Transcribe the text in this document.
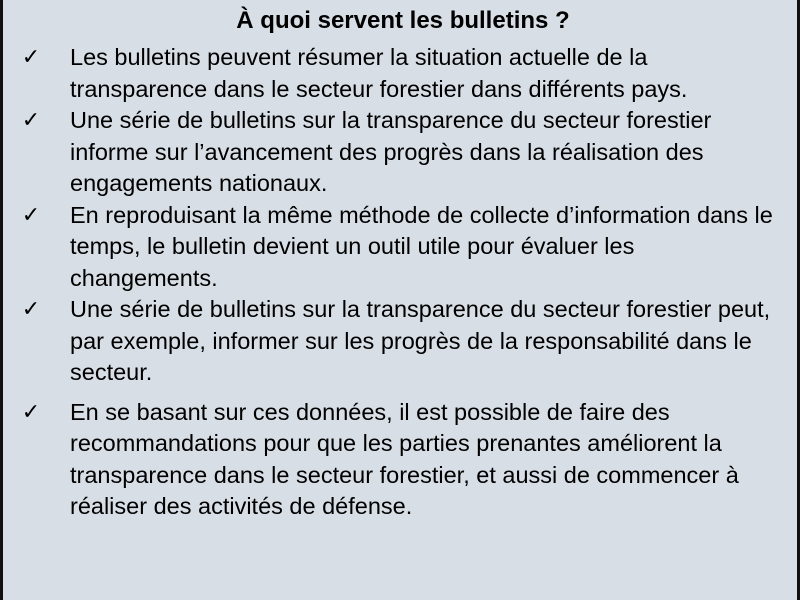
À quoi servent les bulletins ?
✓ Les bulletins peuvent résumer la situation actuelle de la transparence dans le secteur forestier dans différents pays.
✓ Une série de bulletins sur la transparence du secteur forestier informe sur l’avancement des progrès dans la réalisation des engagements nationaux.
✓ En reproduisant la même méthode de collecte d’information dans le temps, le bulletin devient un outil utile pour évaluer les changements.
✓ Une série de bulletins sur la transparence du secteur forestier peut, par exemple, informer sur les progrès de la responsabilité dans le secteur.
✓ En se basant sur ces données, il est possible de faire des recommandations pour que les parties prenantes améliorent la transparence dans le secteur forestier, et aussi de commencer à réaliser des activités de défense.
